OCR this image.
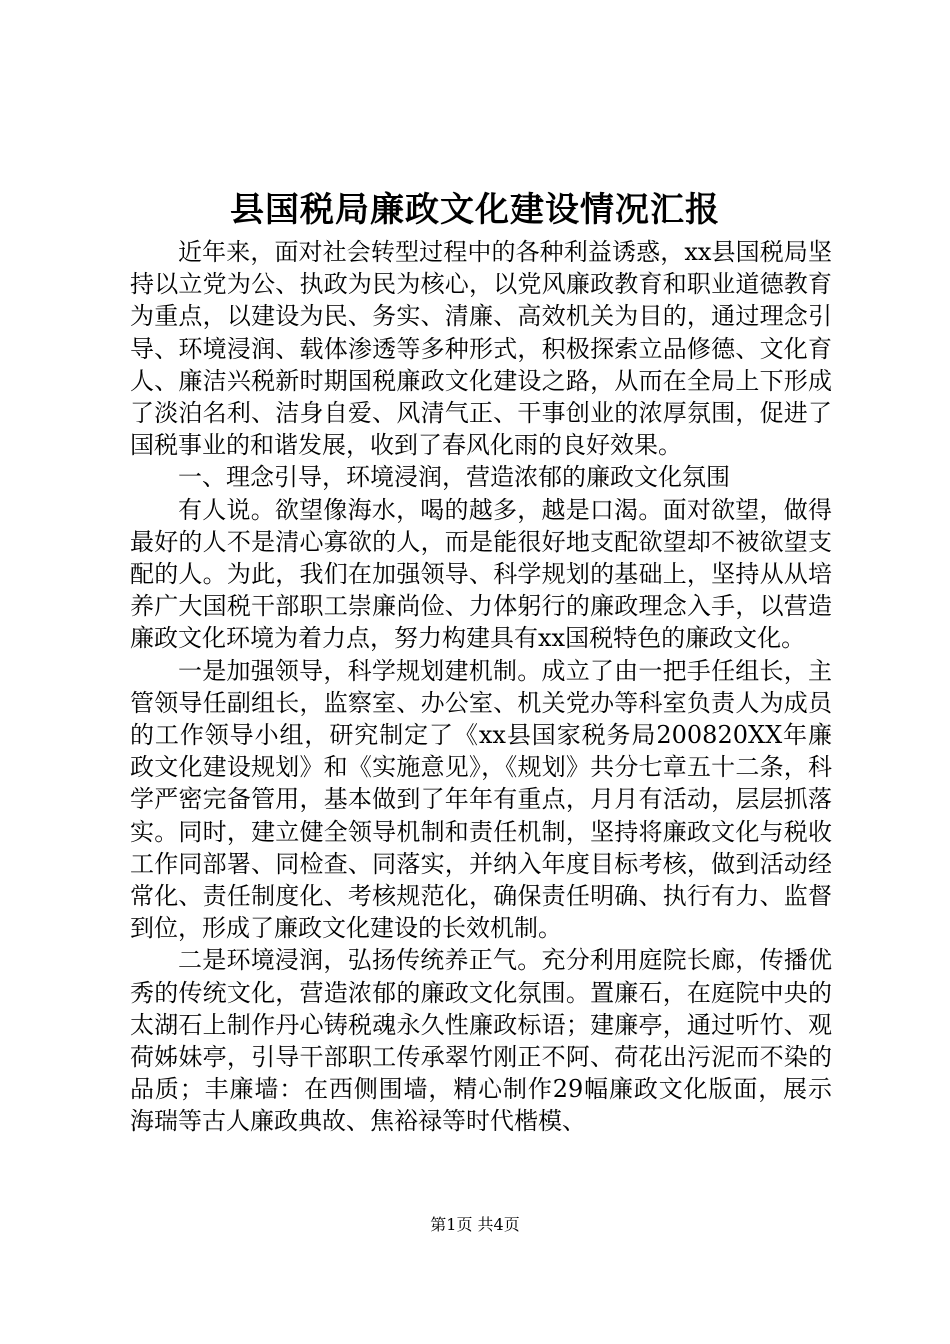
县国税局廉政文化建设情况汇报

近年来，面对社会转型过程中的各种利益诱惑，xx县国税局坚持以立党为公、执政为民为核心，以党风廉政教育和职业道德教育为重点，以建设为民、务实、清廉、高效机关为目的，通过理念引导、环境浸润、载体渗透等多种形式，积极探索立品修德、文化育人、廉洁兴税新时期国税廉政文化建设之路，从而在全局上下形成了淡泊名利、洁身自爱、风清气正、干事创业的浓厚氛围，促进了国税事业的和谐发展，收到了春风化雨的良好效果。

一、理念引导，环境浸润，营造浓郁的廉政文化氛围

有人说。欲望像海水，喝的越多，越是口渴。面对欲望，做得最好的人不是清心寡欲的人，而是能很好地支配欲望却不被欲望支配的人。为此，我们在加强领导、科学规划的基础上，坚持从从培养广大国税干部职工崇廉尚俭、力体躬行的廉政理念入手，以营造廉政文化环境为着力点，努力构建具有xx国税特色的廉政文化。

一是加强领导，科学规划建机制。成立了由一把手任组长，主管领导任副组长，监察室、办公室、机关党办等科室负责人为成员的工作领导小组，研究制定了《xx县国家税务局200820XX年廉政文化建设规划》和《实施意见》，《规划》共分七章五十二条，科学严密完备管用，基本做到了年年有重点，月月有活动，层层抓落实。同时，建立健全领导机制和责任机制，坚持将廉政文化与税收工作同部署、同检查、同落实，并纳入年度目标考核，做到活动经常化、责任制度化、考核规范化，确保责任明确、执行有力、监督到位，形成了廉政文化建设的长效机制。

二是环境浸润，弘扬传统养正气。充分利用庭院长廊，传播优秀的传统文化，营造浓郁的廉政文化氛围。置廉石，在庭院中央的太湖石上制作丹心铸税魂永久性廉政标语；建廉亭，通过听竹、观荷姊妹亭，引导干部职工传承翠竹刚正不阿、荷花出污泥而不染的品质；丰廉墙：在西侧围墙，精心制作29幅廉政文化版面，展示海瑞等古人廉政典故、焦裕禄等时代楷模、

第1页 共4页
